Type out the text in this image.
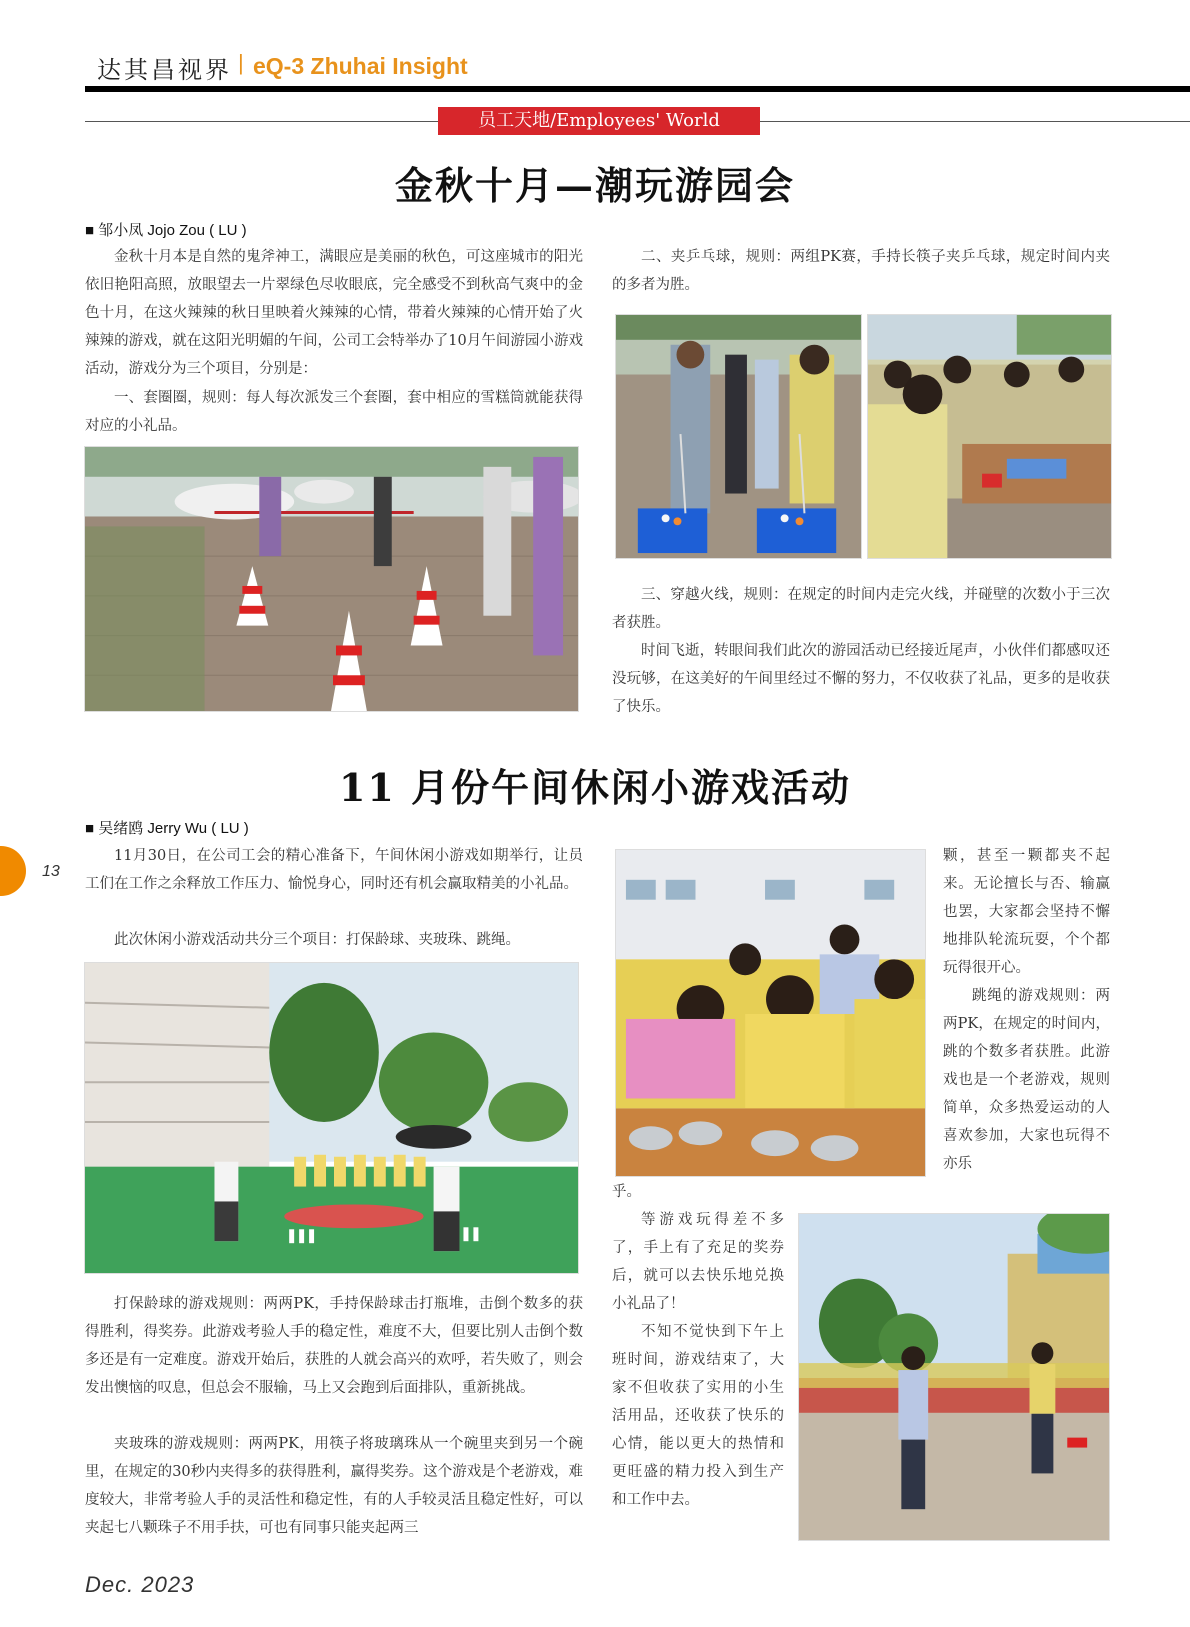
达其昌视界 | eQ-3 Zhuhai Insight
员工天地/Employees' World
金秋十月—潮玩游园会
■ 邹小凤 Jojo Zou ( LU )
金秋十月本是自然的鬼斧神工，满眼应是美丽的秋色，可这座城市的阳光依旧艳阳高照，放眼望去一片翠绿色尽收眼底，完全感受不到秋高气爽中的金色十月，在这火辣辣的秋日里映着火辣辣的心情，带着火辣辣的心情开始了火辣辣的游戏，就在这阳光明媚的午间，公司工会特举办了10月午间游园小游戏活动，游戏分为三个项目，分别是：
一、套圈圈，规则：每人每次派发三个套圈，套中相应的雪糕筒就能获得对应的小礼品。
二、夹乒乓球，规则：两组PK赛，手持长筷子夹乒乓球，规定时间内夹的多者为胜。
三、穿越火线，规则：在规定的时间内走完火线，并碰壁的次数小于三次者获胜。
时间飞逝，转眼间我们此次的游园活动已经接近尾声，小伙伴们都感叹还没玩够，在这美好的午间里经过不懈的努力，不仅收获了礼品，更多的是收获了快乐。
11 月份午间休闲小游戏活动
■ 吴绪鸥 Jerry Wu ( LU )
13
11月30日，在公司工会的精心准备下，午间休闲小游戏如期举行，让员工们在工作之余释放工作压力、愉悦身心，同时还有机会赢取精美的小礼品。
此次休闲小游戏活动共分三个项目：打保龄球、夹玻珠、跳绳。
打保龄球的游戏规则：两两PK，手持保龄球击打瓶堆，击倒个数多的获得胜利，得奖券。此游戏考验人手的稳定性，难度不大，但要比别人击倒个数多还是有一定难度。游戏开始后，获胜的人就会高兴的欢呼，若失败了，则会发出懊恼的叹息，但总会不服输，马上又会跑到后面排队，重新挑战。
夹玻珠的游戏规则：两两PK，用筷子将玻璃珠从一个碗里夹到另一个碗里，在规定的30秒内夹得多的获得胜利，赢得奖券。这个游戏是个老游戏，难度较大，非常考验人手的灵活性和稳定性，有的人手较灵活且稳定性好，可以夹起七八颗珠子不用手扶，可也有同事只能夹起两三
颗，甚至一颗都夹不起来。无论擅长与否、输赢也罢，大家都会坚持不懈地排队轮流玩耍，个个都玩得很开心。
跳绳的游戏规则：两两PK，在规定的时间内，跳的个数多者获胜。此游戏也是一个老游戏，规则简单，众多热爱运动的人喜欢参加，大家也玩得不亦乐
乎。
等游戏玩得差不多了，手上有了充足的奖券后，就可以去快乐地兑换小礼品了！
不知不觉快到下午上班时间，游戏结束了，大家不但收获了实用的小生活用品，还收获了快乐的心情，能以更大的热情和更旺盛的精力投入到生产和工作中去。
Dec. 2023
